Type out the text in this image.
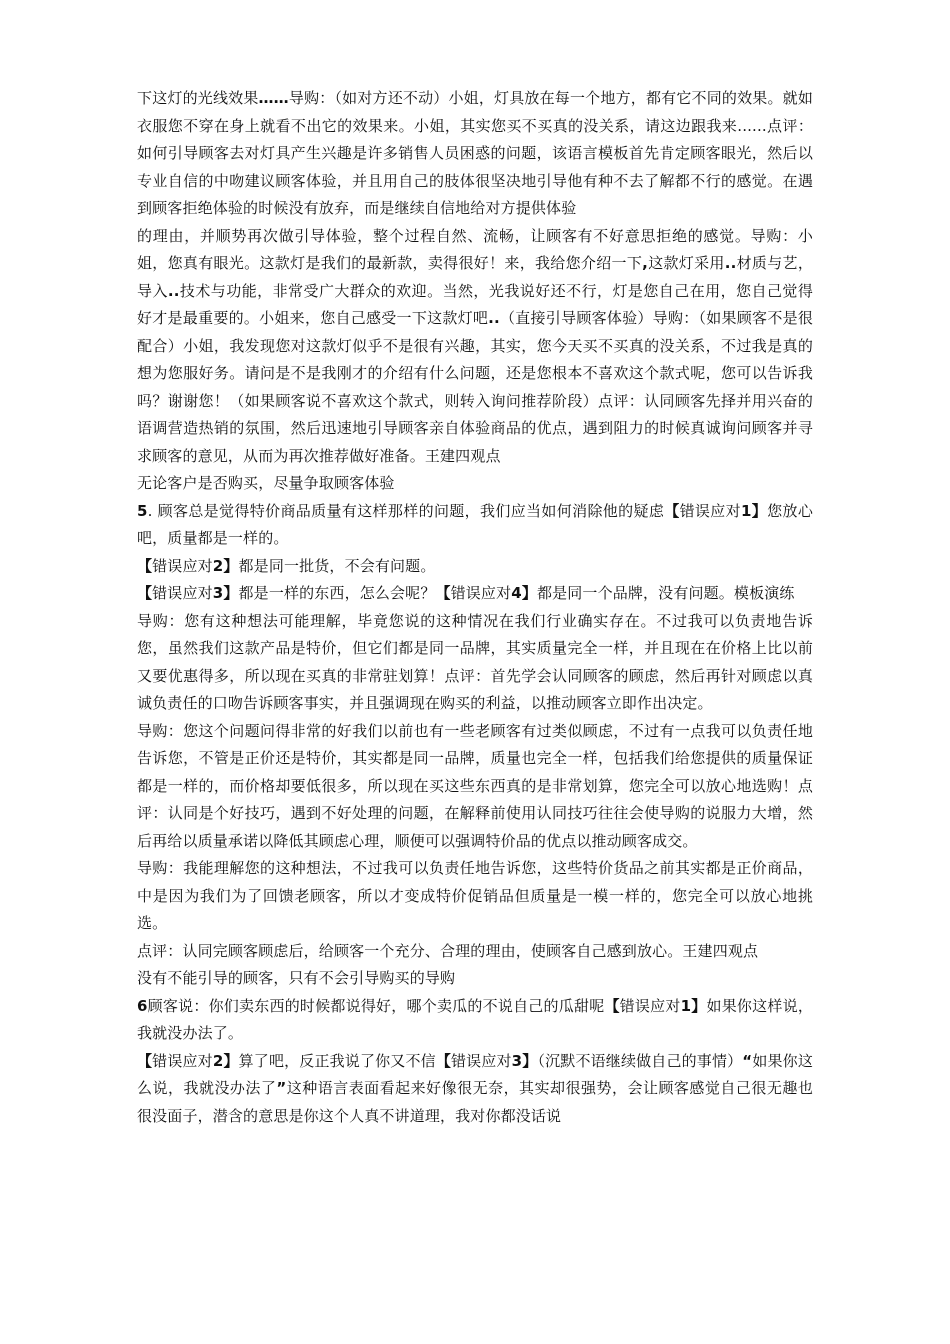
下这灯的光线效果……导购：（如对方还不动）小姐，灯具放在每一个地方，都有它不同的效果。就如衣服您不穿在身上就看不出它的效果来。小姐，其实您买不买真的没关系，请这边跟我来......点评：如何引导顾客去对灯具产生兴趣是许多销售人员困惑的问题，该语言模板首先肯定顾客眼光，然后以专业自信的中吻建议顾客体验，并且用自己的肢体很坚决地引导他有种不去了解都不行的感觉。在遇到顾客拒绝体验的时候没有放弃，而是继续自信地给对方提供体验

的理由，并顺势再次做引导体验，整个过程自然、流畅，让顾客有不好意思拒绝的感觉。导购：小姐，您真有眼光。这款灯是我们的最新款，卖得很好！来，我给您介绍一下,这款灯采用..材质与艺，导入..技术与功能，非常受广大群众的欢迎。当然，光我说好还不行，灯是您自己在用，您自己觉得好才是最重要的。小姐来，您自己感受一下这款灯吧..（直接引导顾客体验）导购：（如果顾客不是很配合）小姐，我发现您对这款灯似乎不是很有兴趣，其实，您今天买不买真的没关系，不过我是真的想为您服好务。请问是不是我刚才的介绍有什么问题，还是您根本不喜欢这个款式呢，您可以告诉我吗？谢谢您！（如果顾客说不喜欢这个款式，则转入询问推荐阶段）点评：认同顾客先择并用兴奋的语调营造热销的氛围，然后迅速地引导顾客亲自体验商品的优点，遇到阻力的时候真诚询问顾客并寻求顾客的意见，从而为再次推荐做好准备。王建四观点

无论客户是否购买，尽量争取顾客体验

5. 顾客总是觉得特价商品质量有这样那样的问题，我们应当如何消除他的疑虑【错误应对1】您放心吧，质量都是一样的。

【错误应对2】都是同一批货，不会有问题。

【错误应对3】都是一样的东西，怎么会呢？【错误应对4】都是同一个品牌，没有问题。模板演练

导购：您有这种想法可能理解，毕竟您说的这种情况在我们行业确实存在。不过我可以负责地告诉您，虽然我们这款产品是特价，但它们都是同一品牌，其实质量完全一样，并且现在在价格上比以前又要优惠得多，所以现在买真的非常驻划算！点评：首先学会认同顾客的顾虑，然后再针对顾虑以真诚负责任的口吻告诉顾客事实，并且强调现在购买的利益，以推动顾客立即作出决定。

导购：您这个问题问得非常的好我们以前也有一些老顾客有过类似顾虑，不过有一点我可以负责任地告诉您，不管是正价还是特价，其实都是同一品牌，质量也完全一样，包括我们给您提供的质量保证都是一样的，而价格却要低很多，所以现在买这些东西真的是非常划算，您完全可以放心地选购！点评：认同是个好技巧，遇到不好处理的问题，在解释前使用认同技巧往往会使导购的说服力大增，然后再给以质量承诺以降低其顾虑心理，顺便可以强调特价品的优点以推动顾客成交。

导购：我能理解您的这种想法，不过我可以负责任地告诉您，这些特价货品之前其实都是正价商品，中是因为我们为了回馈老顾客，所以才变成特价促销品但质量是一模一样的，您完全可以放心地挑选。

点评：认同完顾客顾虑后，给顾客一个充分、合理的理由，使顾客自己感到放心。王建四观点

没有不能引导的顾客，只有不会引导购买的导购

6顾客说：你们卖东西的时候都说得好，哪个卖瓜的不说自己的瓜甜呢【错误应对1】如果你这样说，我就没办法了。

【错误应对2】算了吧，反正我说了你又不信【错误应对3】（沉默不语继续做自己的事情）“如果你这么说，我就没办法了”这种语言表面看起来好像很无奈，其实却很强势，会让顾客感觉自己很无趣也很没面子，潜含的意思是你这个人真不讲道理，我对你都没话说
